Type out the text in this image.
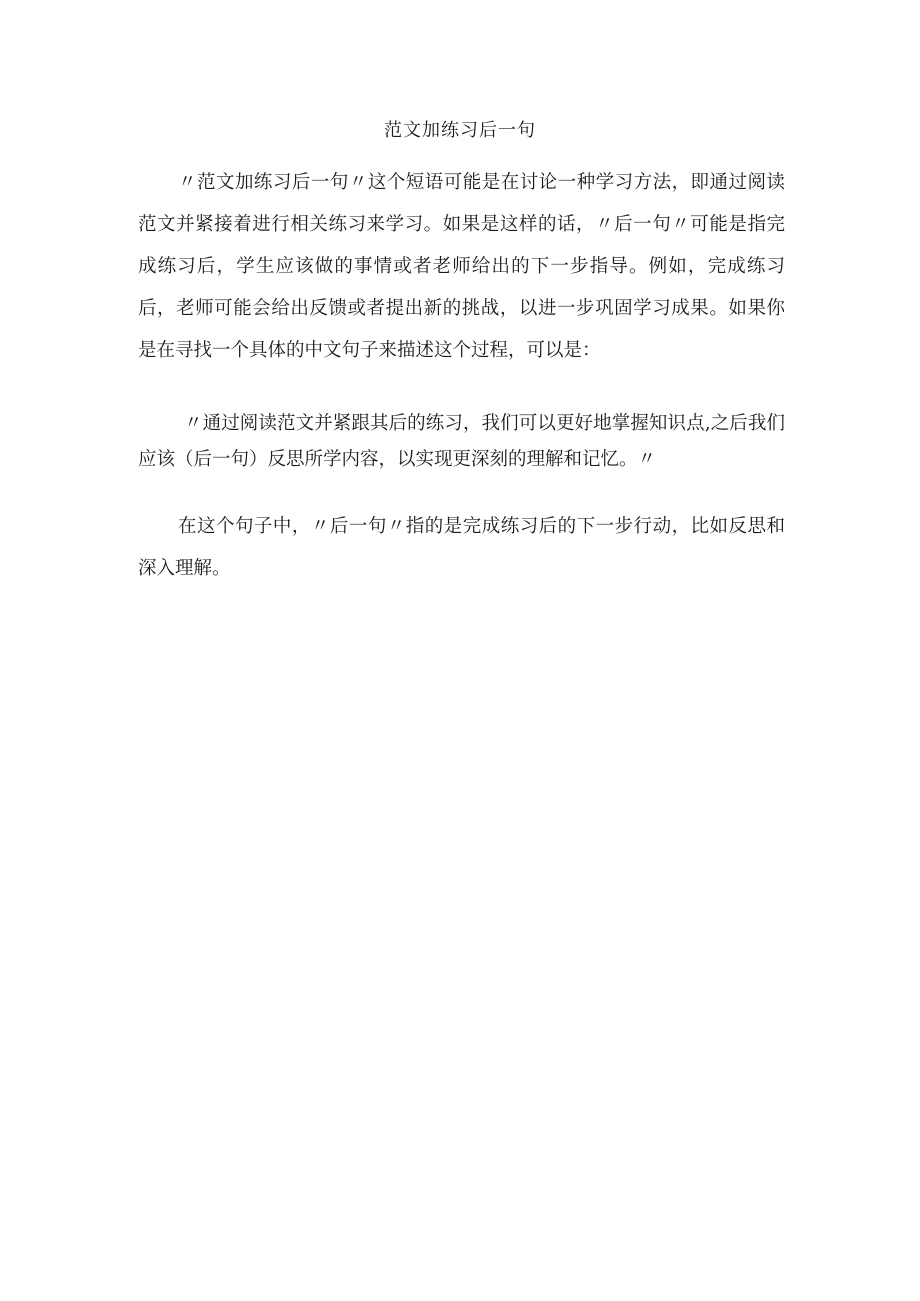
范文加练习后一句

〃范文加练习后一句〃这个短语可能是在讨论一种学习方法，即通过阅读范文并紧接着进行相关练习来学习。如果是这样的话，〃后一句〃可能是指完成练习后，学生应该做的事情或者老师给出的下一步指导。例如，完成练习后，老师可能会给出反馈或者提出新的挑战，以进一步巩固学习成果。如果你是在寻找一个具体的中文句子来描述这个过程，可以是：

〃通过阅读范文并紧跟其后的练习，我们可以更好地掌握知识点,之后我们应该（后一句）反思所学内容，以实现更深刻的理解和记忆。〃

在这个句子中，〃后一句〃指的是完成练习后的下一步行动，比如反思和深入理解。
